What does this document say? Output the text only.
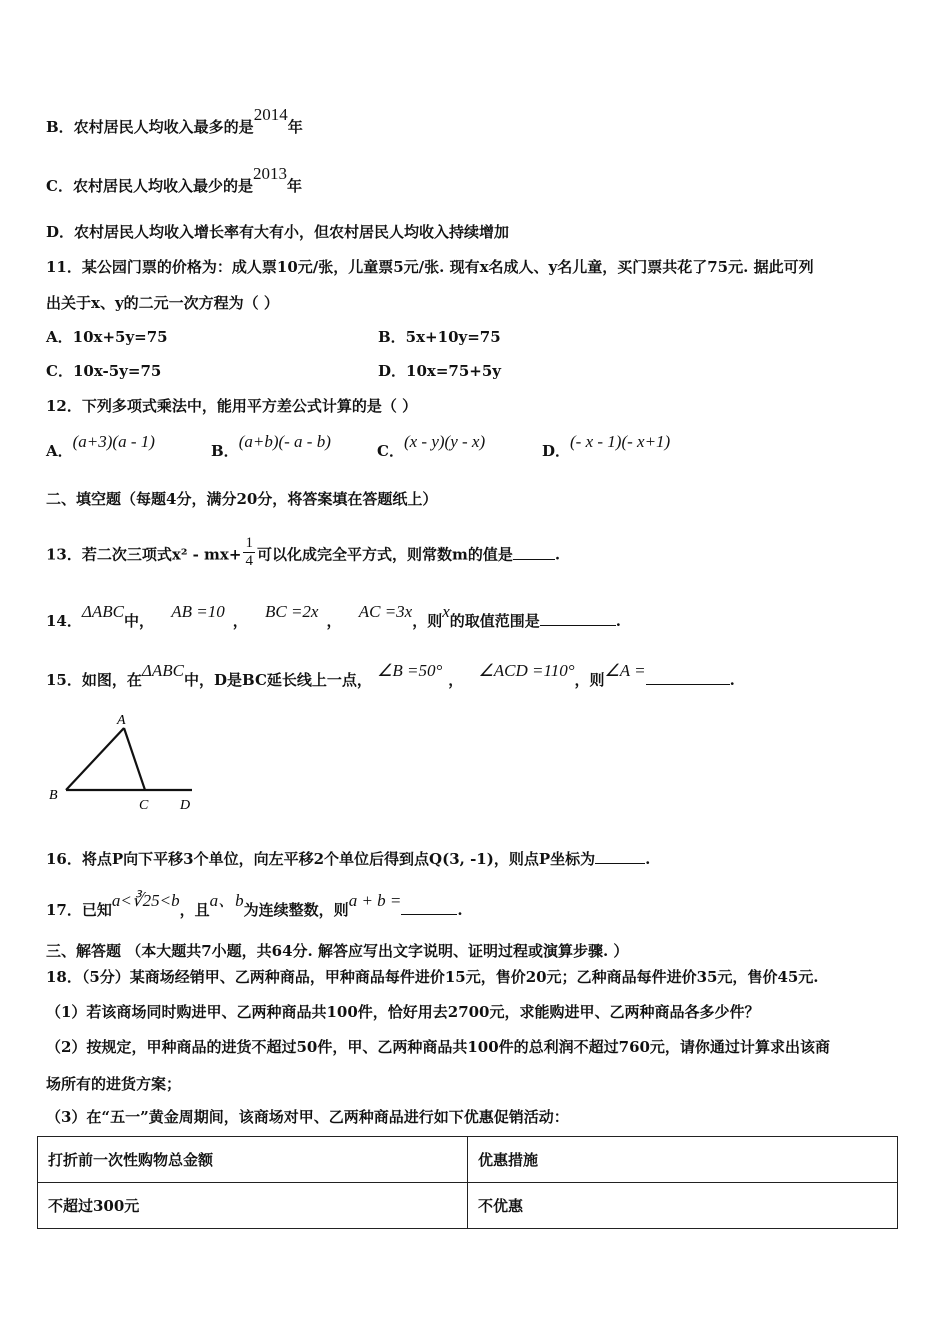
B．农村居民人均收入最多的是2014年
C．农村居民人均收入最少的是2013年
D．农村居民人均收入增长率有大有小，但农村居民人均收入持续增加
11．某公园门票的价格为：成人票10元/张，儿童票5元/张. 现有x名成人、y名儿童，买门票共花了75元. 据此可列
出关于x、y的二元一次方程为（ ）
A．10x+5y=75	B．5x+10y=75
C．10x-5y=75	D．10x=75+5y
12．下列多项式乘法中，能用平方差公式计算的是（ ）
A．(a+3)(a - 1)	B．(a+b)(- a - b)	C．(x - y)(y - x)	D．(- x - 1)(- x+1)
二、填空题（每题4分，满分20分，将答案填在答题纸上）
13．若二次三项式$x^2 - mx+ \frac{1}{4}$ 可以化成完全平方式，则常数m的值是	.
14．ΔABC中， AB =10 ， BC =2x ， AC =3x，则x的取值范围是	.
15．如图，在ΔABC中，D是BC延长线上一点， ∠B =50° ， ∠ACD =110°，则∠A =	.
A
B
C D
16．将点P向下平移3个单位，向左平移2个单位后得到点Q(3, -1)，则点P坐标为	.
17．已知a<∛25<b，且a、b为连续整数，则a + b =	.
三、解答题 （本大题共7小题，共64分. 解答应写出文字说明、证明过程或演算步骤. ）
18．（5分）某商场经销甲、乙两种商品，甲种商品每件进价15元，售价20元；乙种商品每件进价35元，售价45元.
（1）若该商场同时购进甲、乙两种商品共100件，恰好用去2700元，求能购进甲、乙两种商品各多少件？
（2）按规定，甲种商品的进货不超过50件，甲、乙两种商品共100件的总利润不超过760元，请你通过计算求出该商
场所有的进货方案；
（3）在“五一”黄金周期间，该商场对甲、乙两种商品进行如下优惠促销活动：
打折前一次性购物总金额	优惠措施
不超过300元	不优惠
